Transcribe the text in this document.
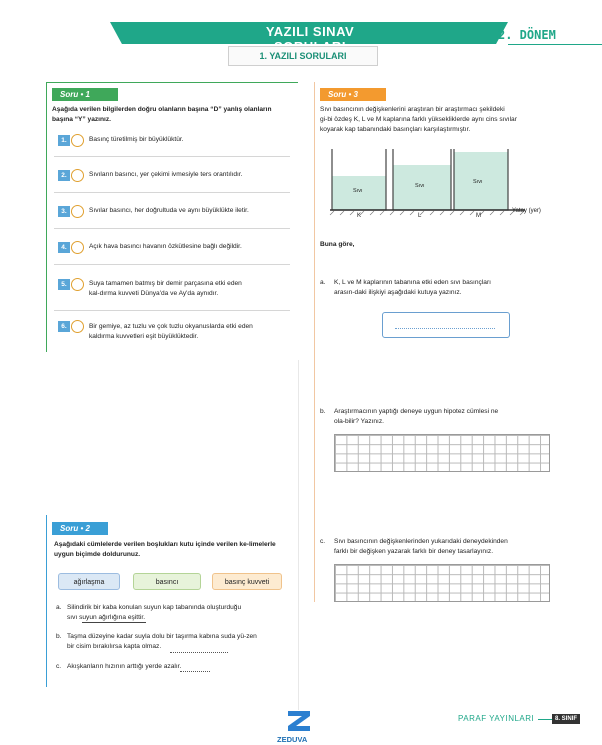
YAZILI SINAV
1. YAZILI SORULARI
2. DÖNEM
Soru • 1
Aşağıda verilen bilgilerden doğru olanların başına “D” yanlış olanların
başına “Y” yazınız.
1.	Basınç türetilmiş bir büyüklüktür.
2.	Sıvıların basıncı, yer çekimi ivmesiyle ters orantılıdır.
3.	Sıvılar basıncı, her doğrultuda ve aynı büyüklükte iletir.
4.	Açık hava basıncı havanın özkütlesine bağlı değildir.
5.	Suya tamamen batmış bir demir parçasına etki eden
kal-dırma kuvveti Dünya'da ve Ay'da aynıdır.
6.	Bir gemiye, az tuzlu ve çok tuzlu okyanuslarda etki eden
kaldırma kuvvetleri eşit büyüklüktedir.
Soru • 2
Aşağıdaki cümlelerde verilen boşlukları kutu içinde verilen ke-limelerle
uygun biçimde doldurunuz.
ağırlaşma	basıncı	basınç kuvveti
a. Silindirik bir kaba konulan suyun kap tabanında oluşturduğu
sıvı suyun ağırlığına eşittir.
b. Taşma düzeyine kadar suyla dolu bir taşırma kabına suda yü-zen
bir cisim bırakılırsa kapta olmaz.
c. Akışkanların hızının arttığı yerde azalır.
Soru • 3
Sıvı basıncının değişkenlerini araştıran bir araştırmacı şekildeki
gi-bi özdeş K, L ve M kaplarına farklı yüksekliklerde aynı cins sıvılar
koyarak kap tabanındaki basınçları karşılaştırmıştır.
Sıvı
Sıvı
Sıvı
K	L	M
Yatay (yer)
Buna göre,
a. K, L ve M kaplarının tabanına etki eden sıvı basınçları
arasın-daki ilişkiyi aşağıdaki kutuya yazınız.
b. Araştırmacının yaptığı deneye uygun hipotez cümlesi ne
ola-bilir? Yazınız.
c. Sıvı basıncının değişkenlerinden yukarıdaki deneydekinden
farklı bir değişken yazarak farklı bir deney tasarlayınız.
ZEDUVA
PARAF YAYINLARI	8. SINIF
